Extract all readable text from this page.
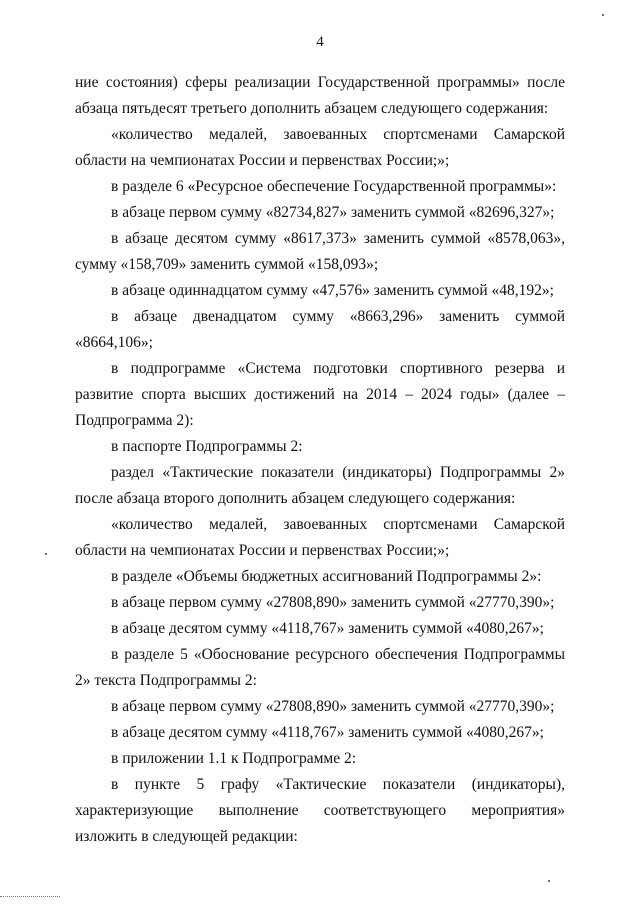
4

ние состояния) сферы реализации Государственной программы» после абзаца пятьдесят третьего дополнить абзацем следующего содержания:

«количество медалей, завоеванных спортсменами Самарской области на чемпионатах России и первенствах России;»;

в разделе 6 «Ресурсное обеспечение Государственной программы»:

в абзаце первом сумму «82734,827» заменить суммой «82696,327»;

в абзаце десятом сумму «8617,373» заменить суммой «8578,063», сумму «158,709» заменить суммой «158,093»;

в абзаце одиннадцатом сумму «47,576» заменить суммой «48,192»;

в абзаце двенадцатом сумму «8663,296» заменить суммой «8664,106»;

в подпрограмме «Система подготовки спортивного резерва и развитие спорта высших достижений на 2014 – 2024 годы» (далее – Подпрограмма 2):

в паспорте Подпрограммы 2:

раздел «Тактические показатели (индикаторы) Подпрограммы 2» после абзаца второго дополнить абзацем следующего содержания:

«количество медалей, завоеванных спортсменами Самарской области на чемпионатах России и первенствах России;»;

в разделе «Объемы бюджетных ассигнований Подпрограммы 2»:

в абзаце первом сумму «27808,890» заменить суммой «27770,390»;

в абзаце десятом сумму «4118,767» заменить суммой «4080,267»;

в разделе 5 «Обоснование ресурсного обеспечения Подпрограммы 2» текста Подпрограммы 2:

в абзаце первом сумму «27808,890» заменить суммой «27770,390»;

в абзаце десятом сумму «4118,767» заменить суммой «4080,267»;

в приложении 1.1 к Подпрограмме 2:

в пункте 5 графу «Тактические показатели (индикаторы), характеризующие выполнение соответствующего мероприятия» изложить в следующей редакции:
